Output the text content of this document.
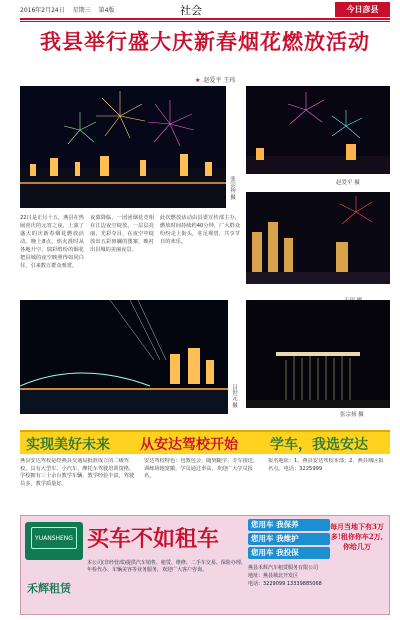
2016年2月24日 星期三 第4版	社会	今日彦县
我县举行盛大庆新春烟花燃放活动
★ 赵爱平 王玮
张宗扬 摄	赵爱平 摄

22日是正月十五，燕县在热闹喜庆的元宵之夜，上演了盛大的庆新春烟花燃放活动。晚上8点，焰火准时从各地升空，瑞彩缤纷的烟花把县城的夜空映照得如同白昼，引来数万群众观赏。

夜幕降临，一团团烟花竞相在江边夜空绽放，一层层亮丽，光彩夺目，在夜空中绽放出五彩斑斓的图案，映衬出县城的美丽夜景。

此次燃放活动由县委宣传部主办，燃放时间持续约40分钟，广大群众纷纷走上街头，驻足观赏，共享节日的欢乐。

吕世元 摄
张宗扬 摄
实现美好未来 从安达驾校开始 学车，我选安达
燕县安达驾校是经燕县交通局批准成立的二级驾校，具有大型车、小汽车、摩托车驾驶培训资格。学校拥有三十余台教学车辆，教学经验丰富，驾驶员多，教学质量好。
安达驾校特色：包教包会、随到随学、专车接送，训练场地宽敞，学员通过率高，欢迎广大学员报名。
报名地址：1、燕县安达驾校本部；2、燕县城区报名点。电话：3225999
YUANSHENG
禾辉租赁
买车不如租车
您用车 我保养
您用车 我维护
您用车 我投保
每月当地下有3万多!租你你车2万,你给几万
本公司(非经营部)提供汽车销售、租赁、维修、二手车交易、保险办理、年检代办、车辆美容等业务服务，欢迎广大客户咨询。	燕县禾辉汽车租赁服务有限公司
地址：燕县城北开发区
电话：3229099 13339885068
